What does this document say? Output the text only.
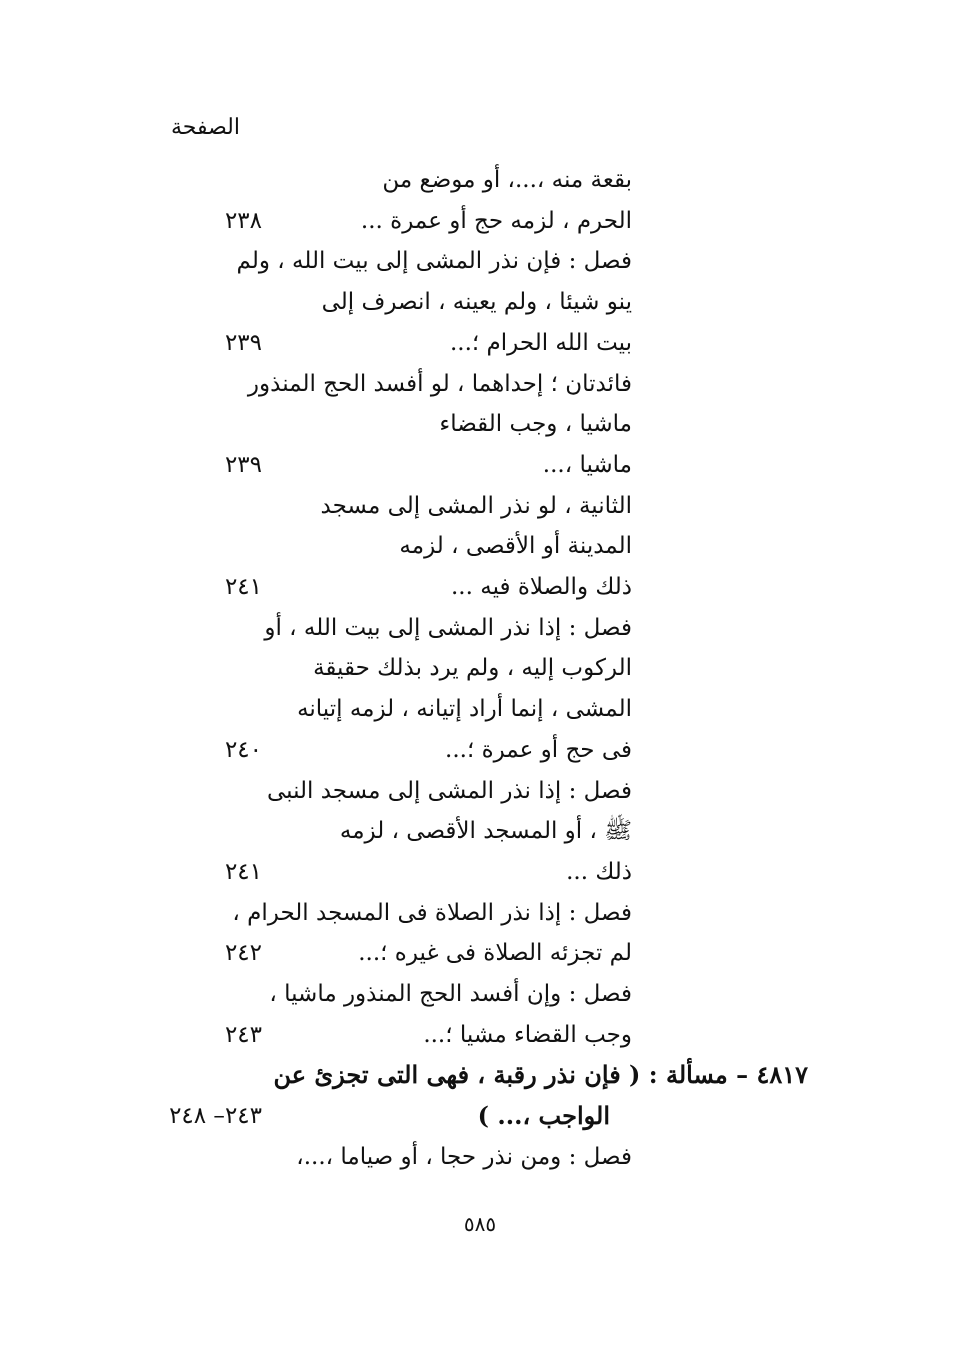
الصفحة
بقعة منه ،...، أو موضع من
الحرم ، لزمه حج أو عمرة ...
٢٣٨
فصل : فإن نذر المشى إلى بيت الله ، ولم
ينو شيئا ، ولم يعينه ، انصرف إلى
بيت الله الحرام ؛...
٢٣٩
فائدتان ؛ إحداهما ، لو أفسد الحج المنذور
ماشيا ، وجب القضاء
ماشيا ،...
٢٣٩
الثانية ، لو نذر المشى إلى مسجد
المدينة أو الأقصى ، لزمه
ذلك والصلاة فيه ...
٢٤١
فصل : إذا نذر المشى إلى بيت الله ، أو
الركوب إليه ، ولم يرد بذلك حقيقة
المشى ، إنما أراد إتيانه ، لزمه إتيانه
فى حج أو عمرة ؛...
٢٤٠
فصل : إذا نذر المشى إلى مسجد النبى
ﷺ ، أو المسجد الأقصى ، لزمه
ذلك ...
٢٤١
فصل : إذا نذر الصلاة فى المسجد الحرام ،
لم تجزئه الصلاة فى غيره ؛...
٢٤٢
فصل : وإن أفسد الحج المنذور ماشيا ،
وجب القضاء مشيا ؛...
٢٤٣
٤٨١٧ – مسألة : ( فإن نذر رقبة ، فهى التى تجزئ عن
الواجب ،... )
٢٤٣– ٢٤٨
فصل : ومن نذر حجا ، أو صياما ،...،
٥٨٥
